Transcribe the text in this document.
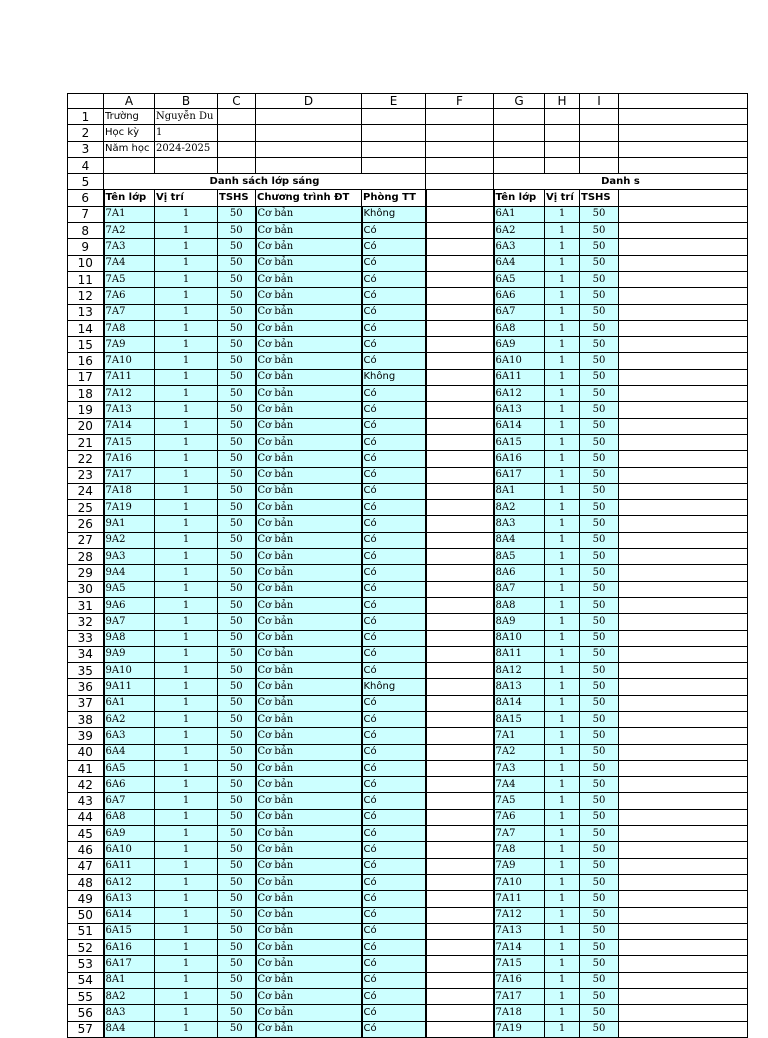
	A	B	C	D	E	F	G	H	I	
1	Trường	Nguyễn Du								
2	Học kỳ	1								
3	Năm học	2024-2025								
4										
5	Danh sách lớp sáng						Danh s			
6	Tên lớp	Vị trí	TSHS	Chương trình ĐT	Phòng TT		Tên lớp	Vị trí	TSHS	
7	7A1	1	50	Cơ bản	Không		6A1	1	50	
8	7A2	1	50	Cơ bản	Có		6A2	1	50	
9	7A3	1	50	Cơ bản	Có		6A3	1	50	
10	7A4	1	50	Cơ bản	Có		6A4	1	50	
11	7A5	1	50	Cơ bản	Có		6A5	1	50	
12	7A6	1	50	Cơ bản	Có		6A6	1	50	
13	7A7	1	50	Cơ bản	Có		6A7	1	50	
14	7A8	1	50	Cơ bản	Có		6A8	1	50	
15	7A9	1	50	Cơ bản	Có		6A9	1	50	
16	7A10	1	50	Cơ bản	Có		6A10	1	50	
17	7A11	1	50	Cơ bản	Không		6A11	1	50	
18	7A12	1	50	Cơ bản	Có		6A12	1	50	
19	7A13	1	50	Cơ bản	Có		6A13	1	50	
20	7A14	1	50	Cơ bản	Có		6A14	1	50	
21	7A15	1	50	Cơ bản	Có		6A15	1	50	
22	7A16	1	50	Cơ bản	Có		6A16	1	50	
23	7A17	1	50	Cơ bản	Có		6A17	1	50	
24	7A18	1	50	Cơ bản	Có		8A1	1	50	
25	7A19	1	50	Cơ bản	Có		8A2	1	50	
26	9A1	1	50	Cơ bản	Có		8A3	1	50	
27	9A2	1	50	Cơ bản	Có		8A4	1	50	
28	9A3	1	50	Cơ bản	Có		8A5	1	50	
29	9A4	1	50	Cơ bản	Có		8A6	1	50	
30	9A5	1	50	Cơ bản	Có		8A7	1	50	
31	9A6	1	50	Cơ bản	Có		8A8	1	50	
32	9A7	1	50	Cơ bản	Có		8A9	1	50	
33	9A8	1	50	Cơ bản	Có		8A10	1	50	
34	9A9	1	50	Cơ bản	Có		8A11	1	50	
35	9A10	1	50	Cơ bản	Có		8A12	1	50	
36	9A11	1	50	Cơ bản	Không		8A13	1	50	
37	6A1	1	50	Cơ bản	Có		8A14	1	50	
38	6A2	1	50	Cơ bản	Có		8A15	1	50	
39	6A3	1	50	Cơ bản	Có		7A1	1	50	
40	6A4	1	50	Cơ bản	Có		7A2	1	50	
41	6A5	1	50	Cơ bản	Có		7A3	1	50	
42	6A6	1	50	Cơ bản	Có		7A4	1	50	
43	6A7	1	50	Cơ bản	Có		7A5	1	50	
44	6A8	1	50	Cơ bản	Có		7A6	1	50	
45	6A9	1	50	Cơ bản	Có		7A7	1	50	
46	6A10	1	50	Cơ bản	Có		7A8	1	50	
47	6A11	1	50	Cơ bản	Có		7A9	1	50	
48	6A12	1	50	Cơ bản	Có		7A10	1	50	
49	6A13	1	50	Cơ bản	Có		7A11	1	50	
50	6A14	1	50	Cơ bản	Có		7A12	1	50	
51	6A15	1	50	Cơ bản	Có		7A13	1	50	
52	6A16	1	50	Cơ bản	Có		7A14	1	50	
53	6A17	1	50	Cơ bản	Có		7A15	1	50	
54	8A1	1	50	Cơ bản	Có		7A16	1	50	
55	8A2	1	50	Cơ bản	Có		7A17	1	50	
56	8A3	1	50	Cơ bản	Có		7A18	1	50	
57	8A4	1	50	Cơ bản	Có		7A19	1	50	
